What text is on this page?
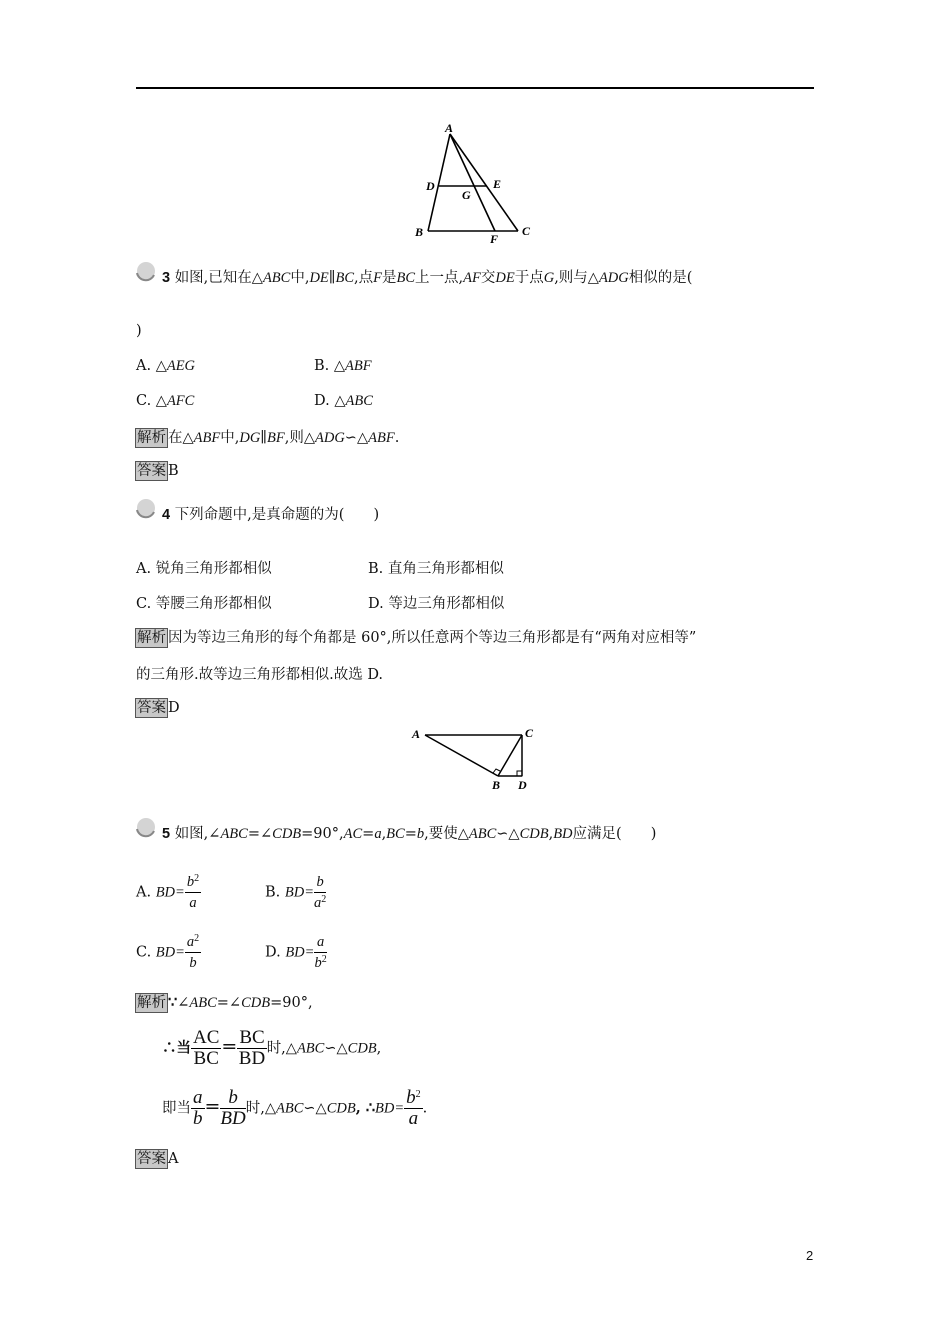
A
D	E
G
B	F
C
3 如图,已知在△ABC中,DE∥BC,点F是BC上一点,AF交DE于点G,则与△ADG相似的是(
)
A. △AEG	B. △ABF
C. △AFC	D. △ABC
解析 在△ABF中,DG∥BF,则△ADG∽△ABF.
答案 B
4 下列命题中,是真命题的为(　　)
A. 锐角三角形都相似	B. 直角三角形都相似
C. 等腰三角形都相似	D. 等边三角形都相似
解析 因为等边三角形的每个角都是 60°,所以任意两个等边三角形都是有“两角对应相等”
的三角形.故等边三角形都相似.故选 D.
答案 D
A	C
B D
5 如图,∠ABC=∠CDB=90°,AC=a,BC=b,要使△ABC∽△CDB,BD应满足(　　)
A. $BD= \frac{b^2}{a}$	B. $BD= \frac{b}{a^2}$
C. $BD= \frac{a^2}{b}$	D. $BD= \frac{a}{b^2}$
解析 ∵∠ABC=∠CDB=90°,
∴当 $\frac{AC}{BC} = \frac{BC}{BD}$ 时,△ABC∽△CDB,
即当 $\frac{a}{b} = \frac{b}{BD}$ 时,△ABC∽△CDB, ∴BD= $\frac{b^2}{a}$ .
答案 A
2
